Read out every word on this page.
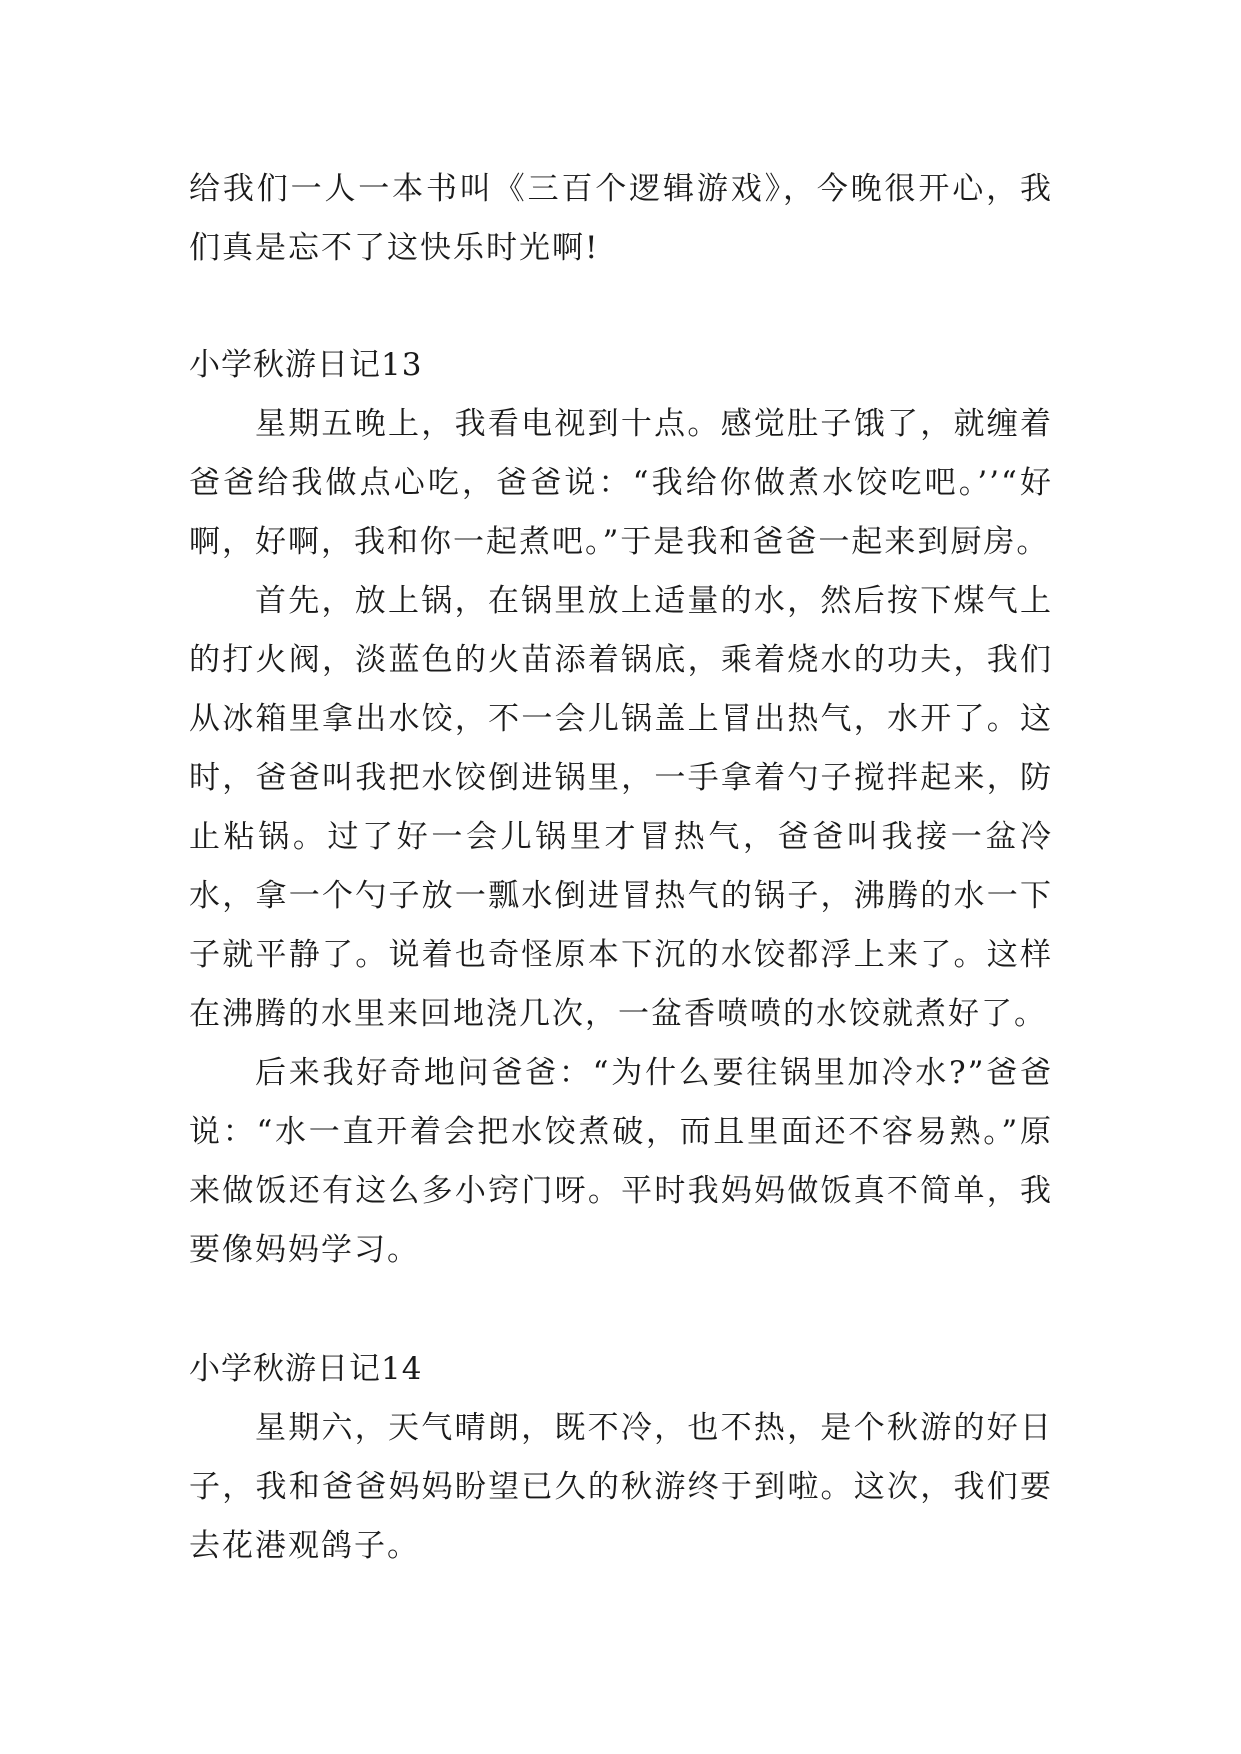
给我们一人一本书叫《三百个逻辑游戏》，今晚很开心，我们真是忘不了这快乐时光啊!

小学秋游日记13

星期五晚上，我看电视到十点。感觉肚子饿了，就缠着爸爸给我做点心吃，爸爸说：“我给你做煮水饺吃吧。’’“好啊，好啊，我和你一起煮吧。”于是我和爸爸一起来到厨房。

首先，放上锅，在锅里放上适量的水，然后按下煤气上的打火阀，淡蓝色的火苗添着锅底，乘着烧水的功夫，我们从冰箱里拿出水饺，不一会儿锅盖上冒出热气，水开了。这时，爸爸叫我把水饺倒进锅里，一手拿着勺子搅拌起来，防止粘锅。过了好一会儿锅里才冒热气，爸爸叫我接一盆冷水，拿一个勺子放一瓢水倒进冒热气的锅子，沸腾的水一下子就平静了。说着也奇怪原本下沉的水饺都浮上来了。这样在沸腾的水里来回地浇几次，一盆香喷喷的水饺就煮好了。

后来我好奇地问爸爸：“为什么要往锅里加冷水?”爸爸说：“水一直开着会把水饺煮破，而且里面还不容易熟。”原来做饭还有这么多小窍门呀。平时我妈妈做饭真不简单，我要像妈妈学习。

小学秋游日记14

星期六，天气晴朗，既不冷，也不热，是个秋游的好日子，我和爸爸妈妈盼望已久的秋游终于到啦。这次，我们要去花港观鸽子。
